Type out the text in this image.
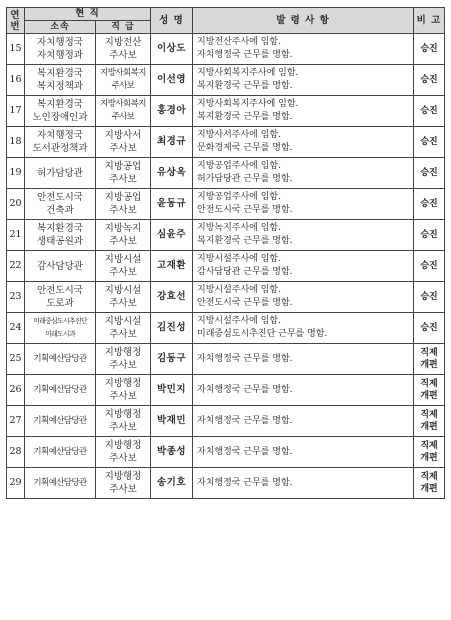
연
번	현 직		성 명	발 령 사 항	비 고
	소속	직 급			
15	자치행정국
자치행정과	지방전산
주사보	이상도	지방전산주사에 임함.
자치행정국 근무를 명함.	승진

16	복지환경국
복지정책과	지방사회복지
주사보	이선영	지방사회복지주사에 임함.
복지환경국 근무를 명함.	승진

17	복지환경국
노인장애인과	지방사회복지
주사보	홍경아	지방사회복지주사에 임함.
복지환경국 근무를 명함.	승진

18	자치행정국
도서관정책과	지방사서
주사보	최경규	지방사서주사에 임함.
문화경제국 근무를 명함.	승진

19	허가담당관	지방공업
주사보	유상옥	지방공업주사에 임함.
허가담당관 근무를 명함.	승진

20	안전도시국
건축과	지방공업
주사보	윤동규	지방공업주사에 임함.
안전도시국 근무를 명함.	승진

21	복지환경국
생태공원과	지방녹지
주사보	심윤주	지방녹지주사에 임함.
복지환경국 근무를 명함.	승진

22	감사담당관	지방시설
주사보	고재환	지방시설주사에 임함.
감사담당관 근무를 명함.	승진

23	안전도시국
도로과	지방시설
주사보	강효선	지방시설주사에 임함.
안전도시국 근무를 명함.	승진

24	미래중심도시추진단
미래도시과	지방시설
주사보	김진성	지방시설주사에 임함.
미래중심도시추진단 근무를 명함.	승진

25	기획예산담당관	지방행정
주사보	김동구	자치행정국 근무를 명함.	직제
개편

26	기획예산담당관	지방행정
주사보	박민지	자치행정국 근무를 명함.	직제
개편

27	기획예산담당관	지방행정
주사보	박재민	자치행정국 근무를 명함.	직제
개편

28	기획예산담당관	지방행정
주사보	박종성	자치행정국 근무를 명함.	직제
개편

29	기획예산담당관	지방행정
주사보	송기호	자치행정국 근무를 명함.	직제
개편
